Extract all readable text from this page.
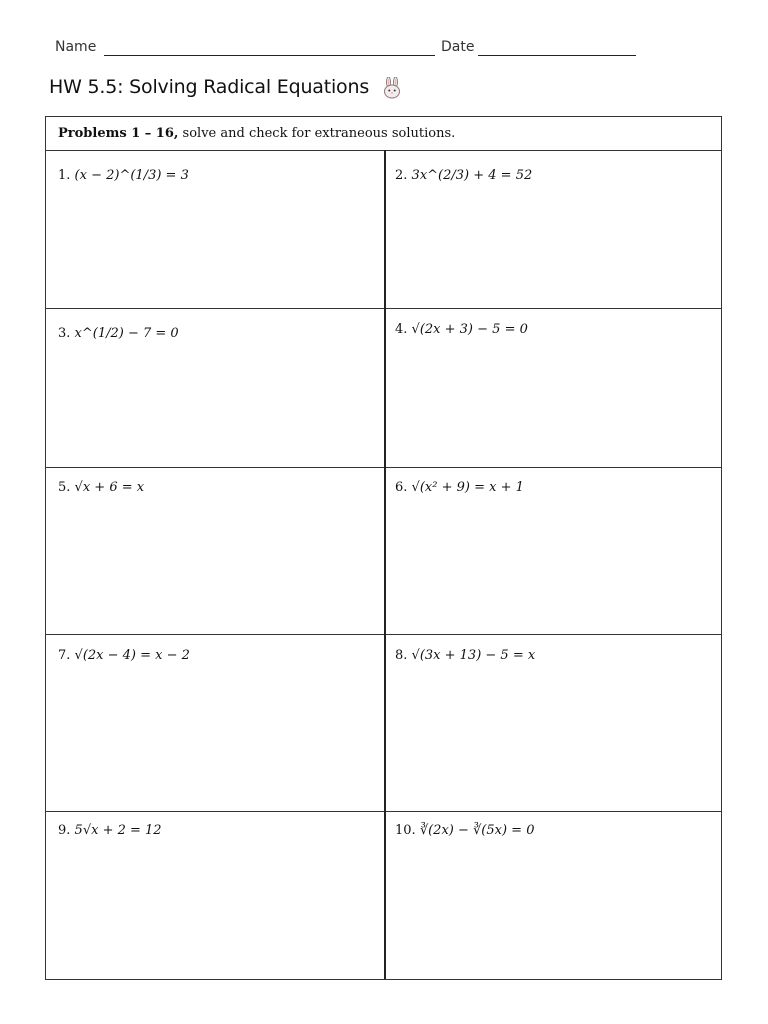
Name	Date
HW 5.5: Solving Radical Equations
Problems 1 – 16, solve and check for extraneous solutions.
1. (x − 2)^(1/3) = 3	2. 3x^(2/3) + 4 = 52
3. x^(1/2) − 7 = 0	4. √(2x + 3) − 5 = 0
5. √x + 6 = x	6. √(x² + 9) = x + 1
7. √(2x − 4) = x − 2	8. √(3x + 13) − 5 = x
9. 5√x + 2 = 12	10. ∛(2x) − ∛(5x) = 0
